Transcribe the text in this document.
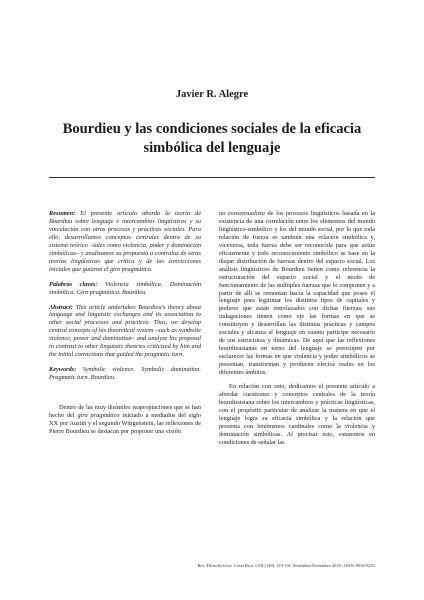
Javier R. Alegre
Bourdieu y las condiciones sociales de la eficacia
simbólica del lenguaje

Resumen: El presente artículo aborda la teoría de Bourdieu sobre lenguaje e intercambios lingüísticos y su vinculación con otros procesos y prácticas sociales. Para ello, desarrollamos conceptos centrales dentro de su sistema teórico –tales como violencia, poder y dominación simbólicas– y analizamos su propuesta a contraluz de otras teorías lingüísticas que critica y de las convicciones iniciales que guiaron el giro pragmático.

Palabras claves: Violencia simbólica. Dominación simbólica. Giro pragmático. Bourdieu.

Abstract: This article undertakes Bourdieu's theory about language and linguistic exchanges and its association to other social processes and practices. Thus, we develop central concepts of his theoretical system –such as symbolic violence, power and domination– and analyze his proposal in contrast to other linguistic theories criticized by him and the initial convictions that guided the pragmatic turn.

Keywords: Symbolic violence. Symbolic domination. Pragmatic turn. Bourdieu.

Dentro de las muy disímiles reapropiaciones que se han hecho del giro pragmático iniciado a mediados del siglo XX por Austin y el segundo Wittgenstein, las reflexiones de Pierre Bourdieu se destacan por proponer una visión

no consensualista de los procesos lingüísticos basada en la existencia de una correlación entre los elementos del mundo lingüístico-simbólico y los del mundo social, por lo que toda relación de fuerza es también una relación simbólica y, viceversa, toda fuerza debe ser reconocida para que actúe eficazmente y todo reconocimiento simbólico se base en la dispar distribución de fuerzas dentro del espacio social. Los análisis lingüísticos de Bourdieu tienen como referencia la estructuración del espacio social y el modo de funcionamiento de las múltiples fuerzas que lo componen y a partir de allí se remontan hacia la capacidad que posee el lenguaje para legitimar los distintos tipos de capitales y poderes que están entrelazados con dichas fuerzas; sus indagaciones tienen como eje las formas en que se constituyen y desarrollan las distintas prácticas y campos sociales y alcanza al lenguaje en cuanto participe necesario de sus estructuras y dinámicas. De aquí que las reflexiones bourdieusianas en torno del lenguaje se preocupen por esclarecer las formas en que violencia y poder simbólicos se presentan, transforman y producen efectos reales en los diferentes ámbitos.

En relación con esto, dedicamos el presente artículo a abordar cuestiones y conceptos centrales de la teoría bourdieusiana sobre los intercambios y prácticas lingüísticas, con el propósito particular de analizar la manera en que el lenguaje logra su eficacia simbólica y la relación que presenta con fenómenos cardinales como la violencia y dominación simbólicas. Al precisar esto, estaremos en condiciones de señalar las

Rev. Filosofía Univ. Costa Rica, LVII (149), 119-131, Setiembre-Diciembre 2018 / ISSN: 0034-8252
